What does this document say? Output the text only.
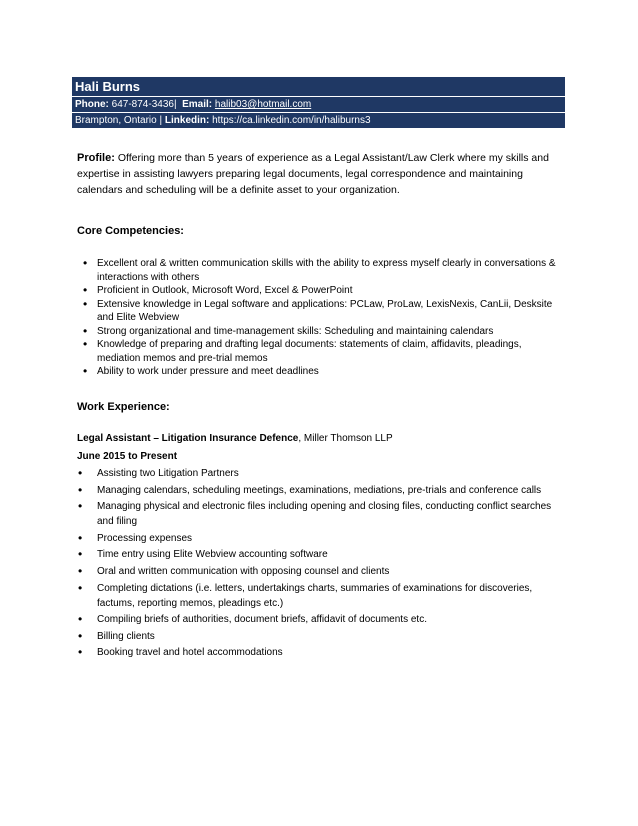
Hali Burns
Phone: 647-874-3436| Email: halib03@hotmail.com
Brampton, Ontario | Linkedin: https://ca.linkedin.com/in/haliburns3
Profile: Offering more than 5 years of experience as a Legal Assistant/Law Clerk where my skills and expertise in assisting lawyers preparing legal documents, legal correspondence and maintaining calendars and scheduling will be a definite asset to your organization.
Core Competencies:
• Excellent oral & written communication skills with the ability to express myself clearly in conversations & interactions with others
• Proficient in Outlook, Microsoft Word, Excel & PowerPoint
• Extensive knowledge in Legal software and applications: PCLaw, ProLaw, LexisNexis, CanLii, Desksite and Elite Webview
• Strong organizational and time-management skills: Scheduling and maintaining calendars
• Knowledge of preparing and drafting legal documents: statements of claim, affidavits, pleadings, mediation memos and pre-trial memos
• Ability to work under pressure and meet deadlines
Work Experience:
Legal Assistant – Litigation Insurance Defence, Miller Thomson LLP
June 2015 to Present
• Assisting two Litigation Partners
• Managing calendars, scheduling meetings, examinations, mediations, pre-trials and conference calls
• Managing physical and electronic files including opening and closing files, conducting conflict searches and filing
• Processing expenses
• Time entry using Elite Webview accounting software
• Oral and written communication with opposing counsel and clients
• Completing dictations (i.e. letters, undertakings charts, summaries of examinations for discoveries, factums, reporting memos, pleadings etc.)
• Compiling briefs of authorities, document briefs, affidavit of documents etc.
• Billing clients
• Booking travel and hotel accommodations
